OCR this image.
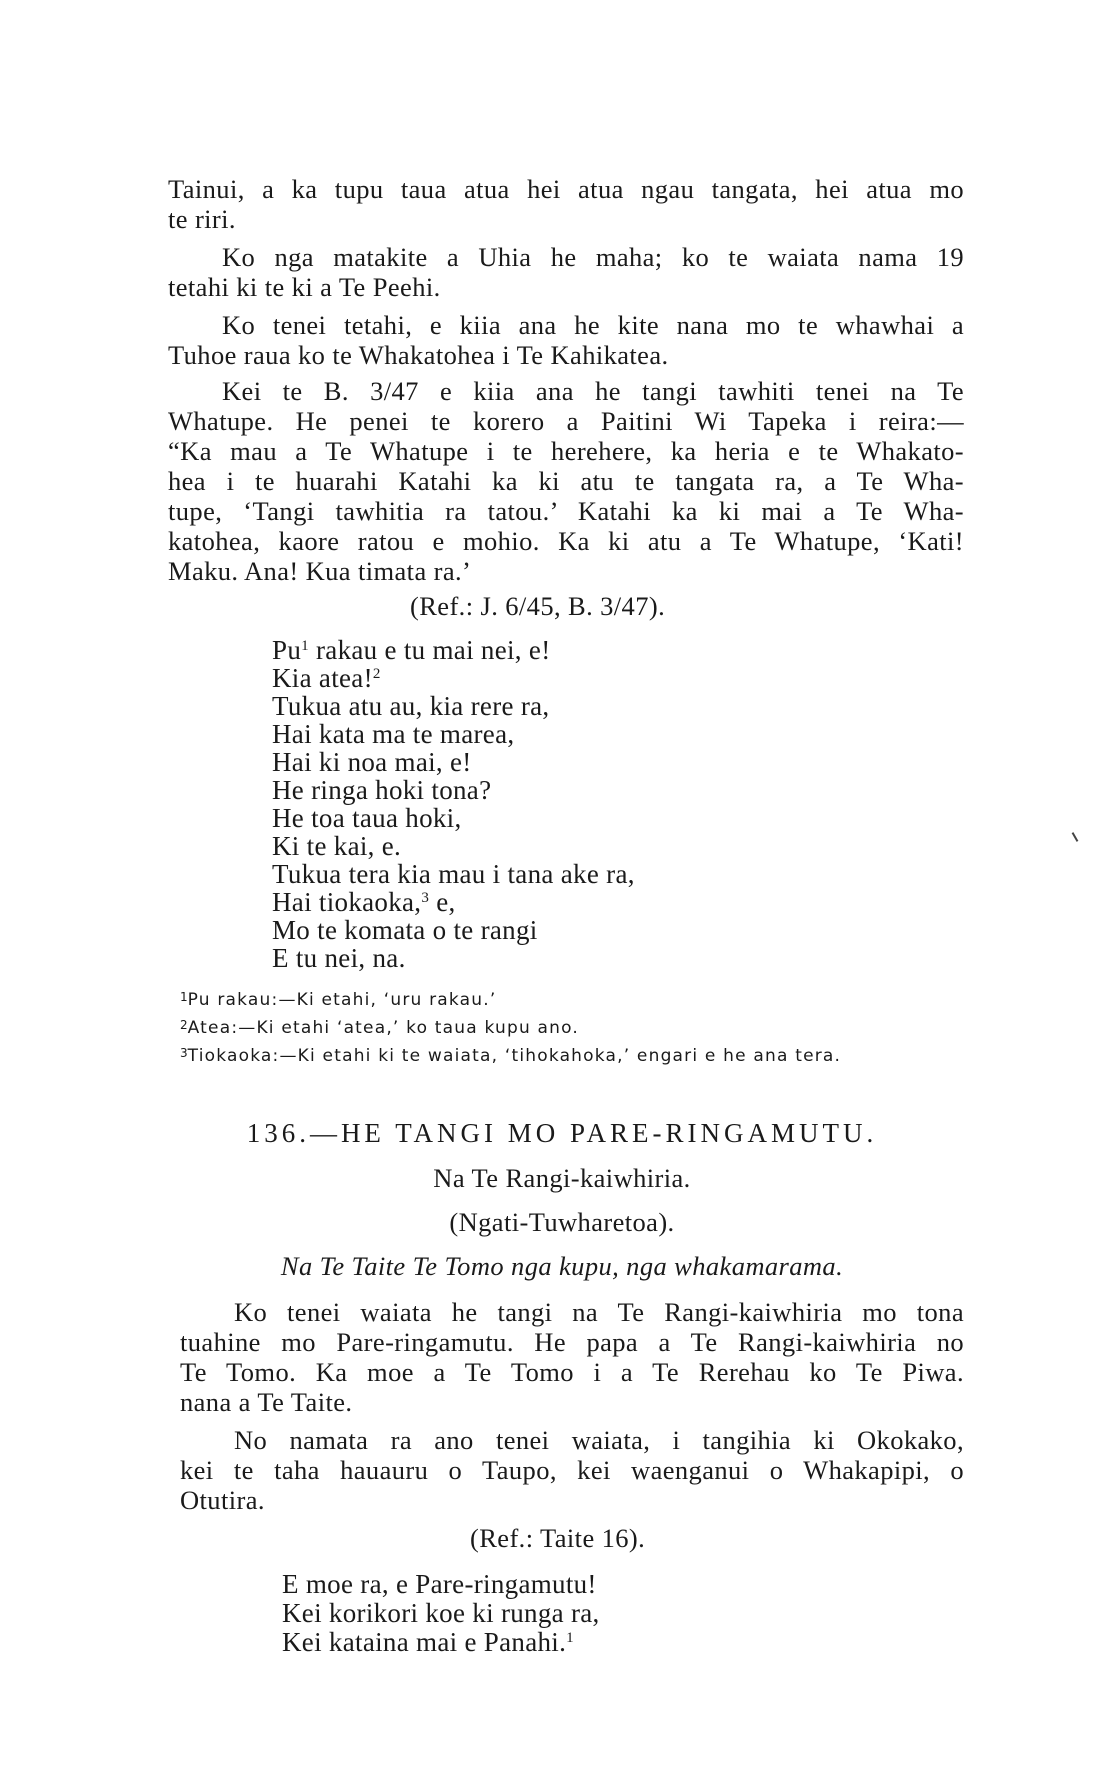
Tainui, a ka tupu taua atua hei atua ngau tangata, hei atua mo
te riri.
Ko nga matakite a Uhia he maha; ko te waiata nama 19
tetahi ki te ki a Te Peehi.
Ko tenei tetahi, e kiia ana he kite nana mo te whawhai a
Tuhoe raua ko te Whakatohea i Te Kahikatea.
Kei te B. 3/47 e kiia ana he tangi tawhiti tenei na Te
Whatupe. He penei te korero a Paitini Wi Tapeka i reira:—
“Ka mau a Te Whatupe i te herehere, ka heria e te Whakato-
hea i te huarahi Katahi ka ki atu te tangata ra, a Te Wha-
tupe, ‘Tangi tawhitia ra tatou.’ Katahi ka ki mai a Te Wha-
katohea, kaore ratou e mohio. Ka ki atu a Te Whatupe, ‘Kati!
Maku. Ana! Kua timata ra.’
(Ref.: J. 6/45, B. 3/47).
Pu$^1$ rakau e tu mai nei, e!
Kia atea!$^2$
Tukua atu au, kia rere ra,
Hai kata ma te marea,
Hai ki noa mai, e!
He ringa hoki tona?
He toa taua hoki,
Ki te kai, e.
Tukua tera kia mau i tana ake ra,
Hai tiokaoka,$^3$ e,
Mo te komata o te rangi
E tu nei, na.
$^1$Pu rakau:—Ki etahi, ‘uru rakau.’
$^2$Atea:—Ki etahi ‘atea,’ ko taua kupu ano.
$^3$Tiokaoka:—Ki etahi ki te waiata, ‘tihokahoka,’ engari e he ana tera.
136.—HE TANGI MO PARE-RINGAMUTU.
Na Te Rangi-kaiwhiria.
(Ngati-Tuwharetoa).
Na Te Taite Te Tomo nga kupu, nga whakamarama.
Ko tenei waiata he tangi na Te Rangi-kaiwhiria mo tona
tuahine mo Pare-ringamutu. He papa a Te Rangi-kaiwhiria no
Te Tomo. Ka moe a Te Tomo i a Te Rerehau ko Te Piwa.
nana a Te Taite.
No namata ra ano tenei waiata, i tangihia ki Okokako,
kei te taha hauauru o Taupo, kei waenganui o Whakapipi, o
Otutira.
(Ref.: Taite 16).
E moe ra, e Pare-ringamutu!
Kei korikori koe ki runga ra,
Kei kataina mai e Panahi.$^1$
